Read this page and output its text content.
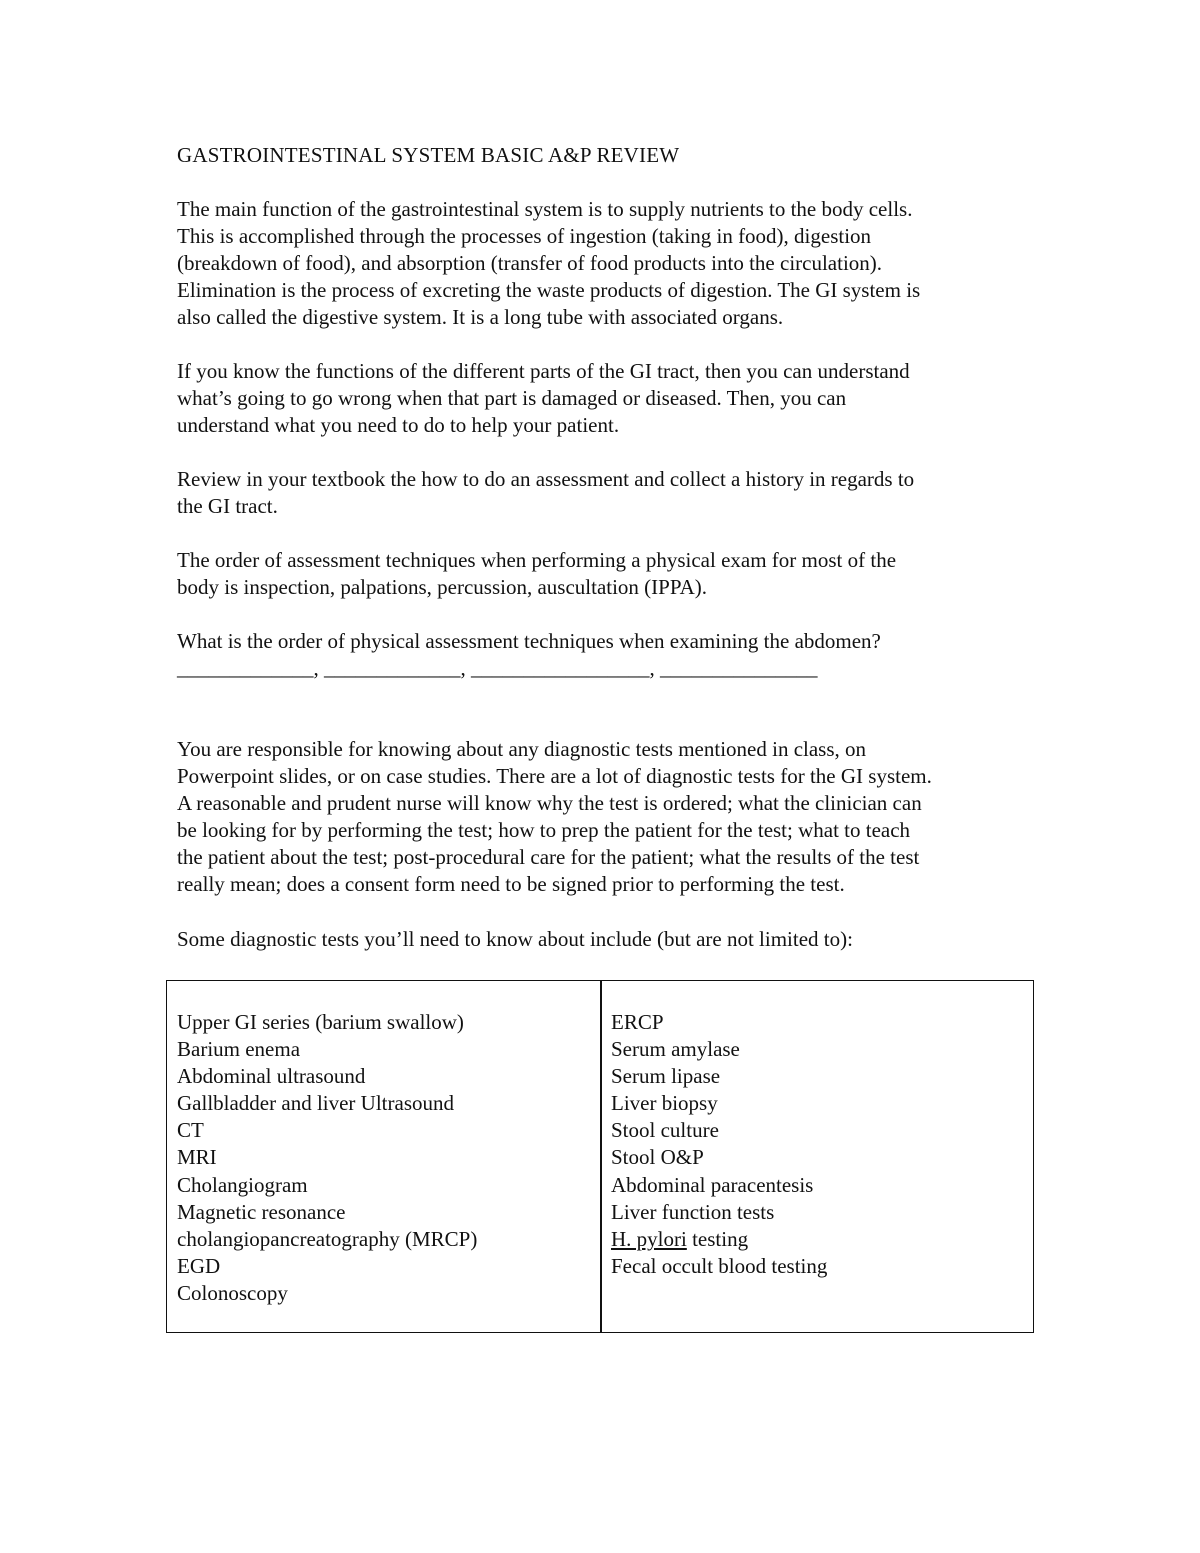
GASTROINTESTINAL SYSTEM BASIC A&P REVIEW
The main function of the gastrointestinal system is to supply nutrients to the body cells.
This is accomplished through the processes of ingestion (taking in food), digestion
(breakdown of food), and absorption (transfer of food products into the circulation).
Elimination is the process of excreting the waste products of digestion. The GI system is
also called the digestive system. It is a long tube with associated organs.
If you know the functions of the different parts of the GI tract, then you can understand
what’s going to go wrong when that part is damaged or diseased. Then, you can
understand what you need to do to help your patient.
Review in your textbook the how to do an assessment and collect a history in regards to
the GI tract.
The order of assessment techniques when performing a physical exam for most of the
body is inspection, palpations, percussion, auscultation (IPPA).
What is the order of physical assessment techniques when examining the abdomen?
_____________, _____________, _________________, _______________
You are responsible for knowing about any diagnostic tests mentioned in class, on
Powerpoint slides, or on case studies. There are a lot of diagnostic tests for the GI system.
A reasonable and prudent nurse will know why the test is ordered; what the clinician can
be looking for by performing the test; how to prep the patient for the test; what to teach
the patient about the test; post-procedural care for the patient; what the results of the test
really mean; does a consent form need to be signed prior to performing the test.
Some diagnostic tests you’ll need to know about include (but are not limited to):
Upper GI series (barium swallow)
Barium enema
Abdominal ultrasound
Gallbladder and liver Ultrasound
CT
MRI
Cholangiogram
Magnetic resonance
cholangiopancreatography (MRCP)
EGD
Colonoscopy
ERCP
Serum amylase
Serum lipase
Liver biopsy
Stool culture
Stool O&P
Abdominal paracentesis
Liver function tests
H. pylori testing
Fecal occult blood testing
